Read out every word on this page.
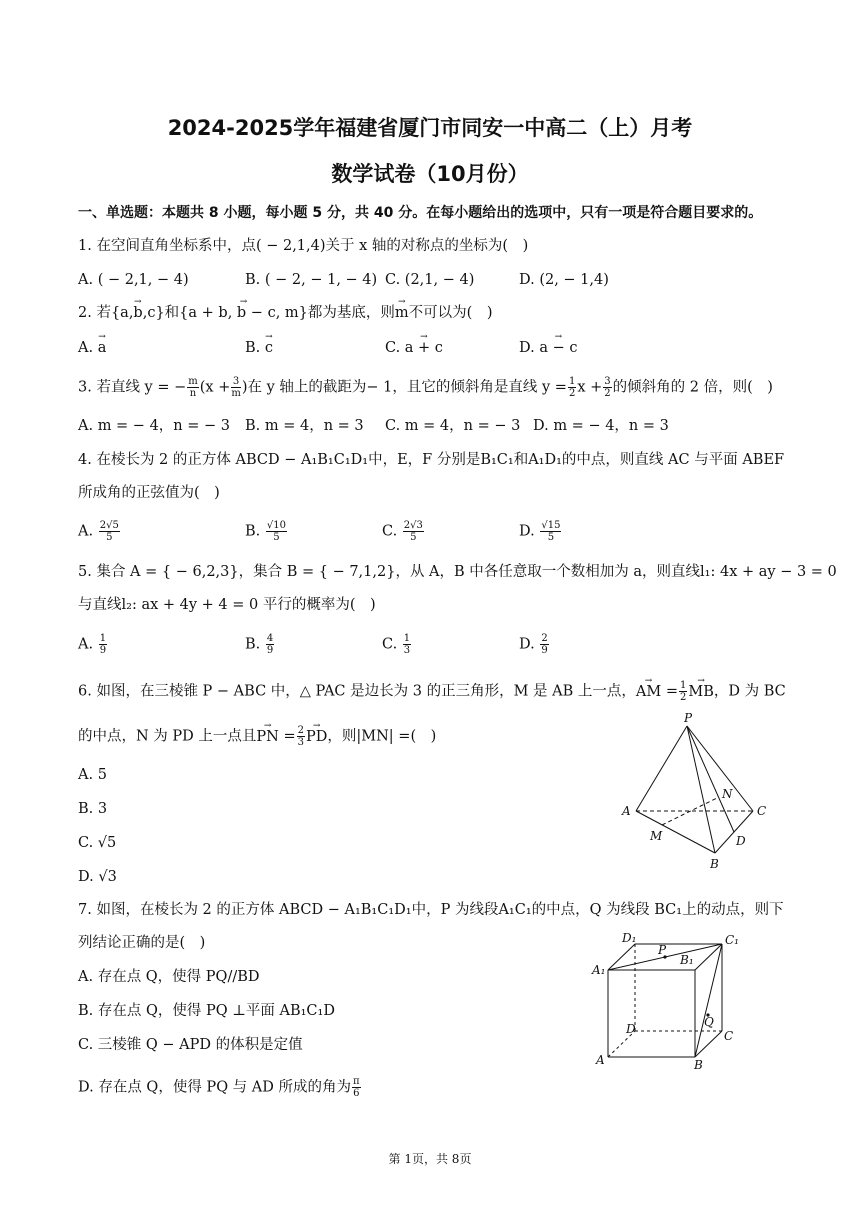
2024-2025学年福建省厦门市同安一中高二（上）月考
数学试卷（10月份）
一、单选题：本题共 8 小题，每小题 5 分，共 40 分。在每小题给出的选项中，只有一项是符合题目要求的。
1. 在空间直角坐标系中，点( − 2,1,4)关于 x 轴的对称点的坐标为(　)
A. ( − 2,1, − 4)	B. ( − 2, − 1, − 4) C. (2,1, − 4)	D. (2, − 1,4)
2. 若{→ a,b,c}和{→ a + b, b − c, m}都为基底，则→ m不可以为(　)
A. → a	B. → c	C. → a + c	D. → a − c
3. 若直线 y = − $\frac{m}{n} (x + \frac{3}{m}$ )在 y 轴上的截距为− 1，且它的倾斜角是直线 $y = \frac{1}{2}$ $x + \frac{3}{2}$ 的倾斜角的 2 倍，则(　)
A. m = − 4，n = − 3 B. m = 4，n = 3 C. m = 4，n = − 3 D. m = − 4，n = 3
4. 在棱长为 2 的正方体 ABCD − A₁B₁C₁D₁中，E，F 分别是B₁C₁和A₁D₁的中点，则直线 AC 与平面 ABEF
所成角的正弦值为(　)
A. $\frac{2√5}{5}$	B. $\frac{√10}{5}$	C. $\frac{2√3}{5}$	D. $\frac{√15}{5}$
5. 集合 A = { − 6,2,3}，集合 B = { − 7,1,2}，从 A，B 中各任意取一个数相加为 a，则直线l₁: 4x + ay − 3 = 0
与直线l₂: ax + 4y + 4 = 0 平行的概率为(　)
A. $\frac{1}{9}$	B. $\frac{4}{9}$	C. $\frac{1}{3}$	D. $\frac{2}{9}$
6. 如图，在三棱锥 P − ABC 中，△ PAC 是边长为 3 的正三角形，M 是 AB 上一点，→ AM = $\frac{1}{2}$ → MB，D 为 BC
的中点，N 为 PD 上一点且→ PN = $\frac{2}{3}$ → PD，则|MN| =(　)
A. 5
B. 3
C. √5
D. √3
P
A	C
N
M	D
B
7. 如图，在棱长为 2 的正方体 ABCD − A₁B₁C₁D₁中，P 为线段A₁C₁的中点，Q 为线段 BC₁上的动点，则下
列结论正确的是(　)
A. 存在点 Q，使得 PQ//BD
B. 存在点 Q，使得 PQ ⊥平面 AB₁C₁D
C. 三棱锥 Q − APD 的体积是定值
D. 存在点 Q，使得 PQ 与 AD 所成的角为 $\frac{\pi}{6}$
D₁	C₁
A₁
P
B₁
D	Q
C
A	B
第 1页，共 8页
